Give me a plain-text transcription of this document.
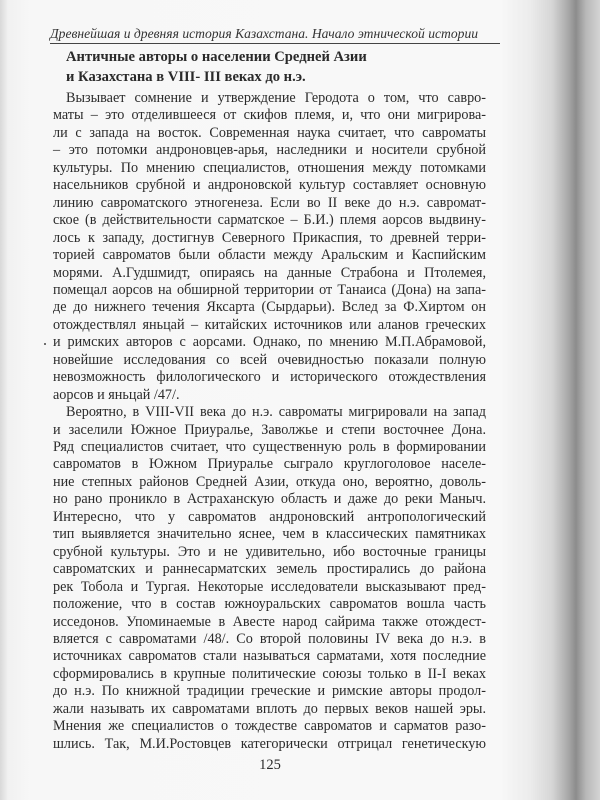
Древнейшая и древняя история Казахстана. Начало этнической истории
Античные авторы о населении Средней Азии
и Казахстана в VIII- III веках до н.э.
Вызывает сомнение и утверждение Геродота о том, что савро-
маты – это отделившееся от скифов племя, и, что они мигрирова-
ли с запада на восток. Современная наука считает, что савроматы
– это потомки андроновцев-арья, наследники и носители срубной
культуры. По мнению специалистов, отношения между потомками
насельников срубной и андроновской культур составляет основную
линию савроматского этногенеза. Если во II веке до н.э. савромат-
ское (в действительности сарматское – Б.И.) племя аорсов выдвину-
лось к западу, достигнув Северного Прикаспия, то древней терри-
торией савроматов были области между Аральским и Каспийским
морями. А.Гудшмидт, опираясь на данные Страбона и Птолемея,
помещал аорсов на обширной территории от Танаиса (Дона) на запа-
де до нижнего течения Яксарта (Сырдарьи). Вслед за Ф.Хиртом он
отождествлял яньцай – китайских источников или аланов греческих
и римских авторов с аорсами. Однако, по мнению М.П.Абрамовой,
новейшие исследования со всей очевидностью показали полную
невозможность филологического и исторического отождествления
аорсов и яньцай /47/.
Вероятно, в VIII-VII века до н.э. савроматы мигрировали на запад
и заселили Южное Приуралье, Заволжье и степи восточнее Дона.
Ряд специалистов считает, что существенную роль в формировании
савроматов в Южном Приуралье сыграло круглоголовое населе-
ние степных районов Средней Азии, откуда оно, вероятно, доволь-
но рано проникло в Астраханскую область и даже до реки Маныч.
Интересно, что у савроматов андроновский антропологический
тип выявляется значительно яснее, чем в классических памятниках
срубной культуры. Это и не удивительно, ибо восточные границы
савроматских и раннесарматских земель простирались до района
рек Тобола и Тургая. Некоторые исследователи высказывают пред-
положение, что в состав южноуральских савроматов вошла часть
исседонов. Упоминаемые в Авесте народ сайрима также отождест-
вляется с савроматами /48/. Со второй половины IV века до н.э. в
источниках савроматов стали называться сарматами, хотя последние
сформировались в крупные политические союзы только в II-I веках
до н.э. По книжной традиции греческие и римские авторы продол-
жали называть их савроматами вплоть до первых веков нашей эры.
Мнения же специалистов о тождестве савроматов и сарматов разо-
шлись. Так, М.И.Ростовцев категорически отгрицал генетическую
125
